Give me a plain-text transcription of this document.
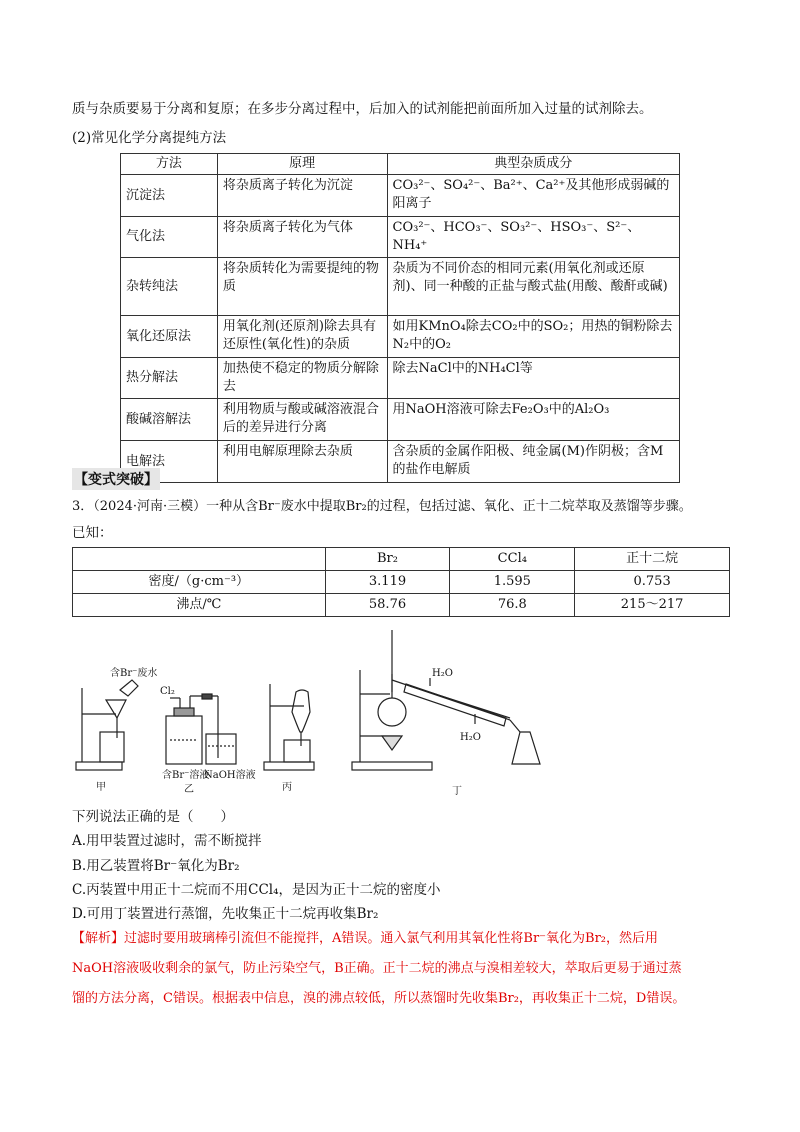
质与杂质要易于分离和复原；在多步分离过程中，后加入的试剂能把前面所加入过量的试剂除去。
(2)常见化学分离提纯方法
方法	原理	典型杂质成分
沉淀法	将杂质离子转化为沉淀	CO₃²⁻、SO₄²⁻、Ba²⁺、Ca²⁺及其他形成弱碱的阳离子
气化法	将杂质离子转化为气体	CO₃²⁻、HCO₃⁻、SO₃²⁻、HSO₃⁻、S²⁻、NH₄⁺
杂转纯法	将杂质转化为需要提纯的物质	杂质为不同价态的相同元素(用氧化剂或还原剂)、同一种酸的正盐与酸式盐(用酸、酸酐或碱)
氧化还原法	用氧化剂(还原剂)除去具有还原性(氧化性)的杂质	如用KMnO₄除去CO₂中的SO₂；用热的铜粉除去N₂中的O₂
热分解法	加热使不稳定的物质分解除去	除去NaCl中的NH₄Cl等
酸碱溶解法	利用物质与酸或碱溶液混合后的差异进行分离	用NaOH溶液可除去Fe₂O₃中的Al₂O₃
电解法	利用电解原理除去杂质	含杂质的金属作阳极、纯金属(M)作阴极；含M的盐作电解质
【变式突破】
3．（2024·河南·三模）一种从含Br⁻废水中提取Br₂的过程，包括过滤、氧化、正十二烷萃取及蒸馏等步骤。
已知：
	Br₂	CCl₄	正十二烷
密度/（g·cm⁻³）	3.119	1.595	0.753
沸点/℃	58.76	76.8	215～217
含Br⁻废水
Cl₂
H₂O
H₂O
含Br⁻溶液
NaOH溶液
甲	乙	丙	丁
下列说法正确的是（　　）
A.用甲装置过滤时，需不断搅拌
B.用乙装置将Br⁻氧化为Br₂
C.丙装置中用正十二烷而不用CCl₄，是因为正十二烷的密度小
D.可用丁装置进行蒸馏，先收集正十二烷再收集Br₂
【解析】过滤时要用玻璃棒引流但不能搅拌，A错误。通入氯气利用其氧化性将Br⁻氧化为Br₂，然后用
NaOH溶液吸收剩余的氯气，防止污染空气，B正确。正十二烷的沸点与溴相差较大，萃取后更易于通过蒸
馏的方法分离，C错误。根据表中信息，溴的沸点较低，所以蒸馏时先收集Br₂，再收集正十二烷，D错误。
